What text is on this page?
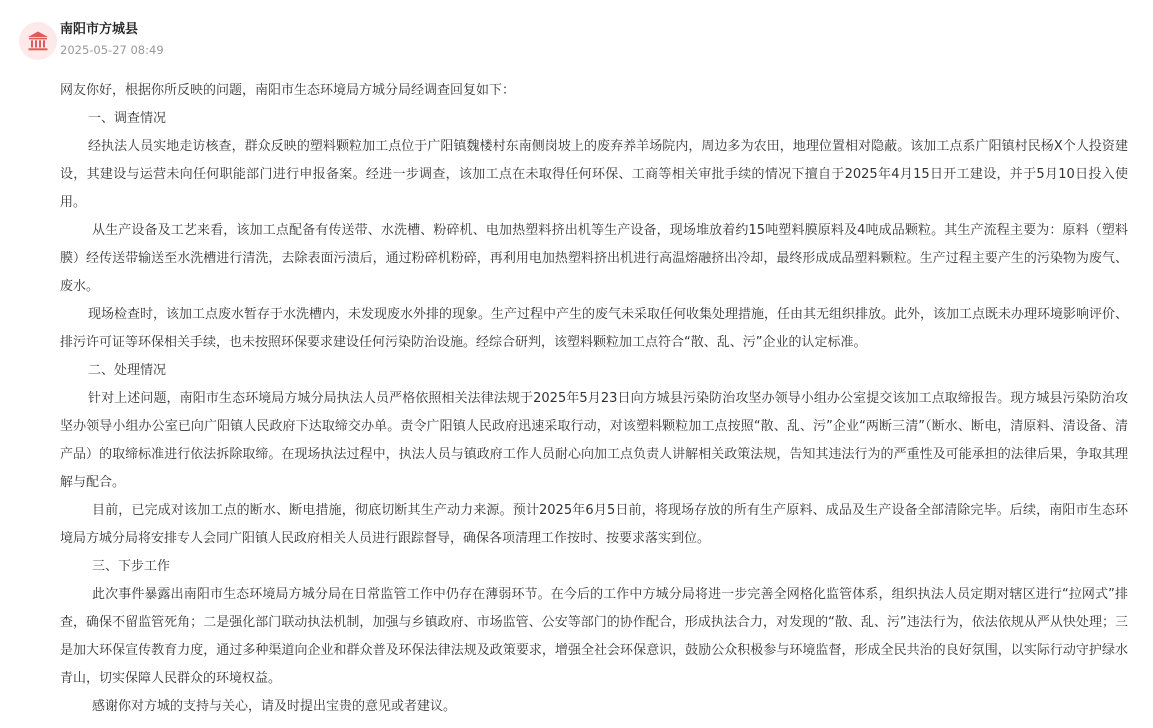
南阳市方城县
2025-05-27 08:49

网友你好，根据你所反映的问题，南阳市生态环境局方城分局经调查回复如下：

一、调查情况

经执法人员实地走访核查，群众反映的塑料颗粒加工点位于广阳镇魏楼村东南侧岗坡上的废弃养羊场院内，周边多为农田，地理位置相对隐蔽。该加工点系广阳镇村民杨X个人投资建设，其建设与运营未向任何职能部门进行申报备案。经进一步调查，该加工点在未取得任何环保、工商等相关审批手续的情况下擅自于2025年4月15日开工建设，并于5月10日投入使用。

从生产设备及工艺来看，该加工点配备有传送带、水洗槽、粉碎机、电加热塑料挤出机等生产设备，现场堆放着约15吨塑料膜原料及4吨成品颗粒。其生产流程主要为：原料（塑料膜）经传送带输送至水洗槽进行清洗，去除表面污渍后，通过粉碎机粉碎，再利用电加热塑料挤出机进行高温熔融挤出冷却，最终形成成品塑料颗粒。生产过程主要产生的污染物为废气、废水。

现场检查时，该加工点废水暂存于水洗槽内，未发现废水外排的现象。生产过程中产生的废气未采取任何收集处理措施，任由其无组织排放。此外，该加工点既未办理环境影响评价、排污许可证等环保相关手续，也未按照环保要求建设任何污染防治设施。经综合研判，该塑料颗粒加工点符合“散、乱、污”企业的认定标准。

二、处理情况

针对上述问题，南阳市生态环境局方城分局执法人员严格依照相关法律法规于2025年5月23日向方城县污染防治攻坚办领导小组办公室提交该加工点取缔报告。现方城县污染防治攻坚办领导小组办公室已向广阳镇人民政府下达取缔交办单。责令广阳镇人民政府迅速采取行动，对该塑料颗粒加工点按照“散、乱、污”企业“两断三清”（断水、断电，清原料、清设备、清产品）的取缔标准进行依法拆除取缔。在现场执法过程中，执法人员与镇政府工作人员耐心向加工点负责人讲解相关政策法规，告知其违法行为的严重性及可能承担的法律后果，争取其理解与配合。

目前，已完成对该加工点的断水、断电措施，彻底切断其生产动力来源。预计2025年6月5日前，将现场存放的所有生产原料、成品及生产设备全部清除完毕。后续，南阳市生态环境局方城分局将安排专人会同广阳镇人民政府相关人员进行跟踪督导，确保各项清理工作按时、按要求落实到位。

三、下步工作

此次事件暴露出南阳市生态环境局方城分局在日常监管工作中仍存在薄弱环节。在今后的工作中方城分局将进一步完善全网格化监管体系，组织执法人员定期对辖区进行“拉网式”排查，确保不留监管死角；二是强化部门联动执法机制，加强与乡镇政府、市场监管、公安等部门的协作配合，形成执法合力，对发现的“散、乱、污”违法行为，依法依规从严从快处理；三是加大环保宣传教育力度，通过多种渠道向企业和群众普及环保法律法规及政策要求，增强全社会环保意识，鼓励公众积极参与环境监督，形成全民共治的良好氛围，以实际行动守护绿水青山，切实保障人民群众的环境权益。

感谢你对方城的支持与关心，请及时提出宝贵的意见或者建议。
